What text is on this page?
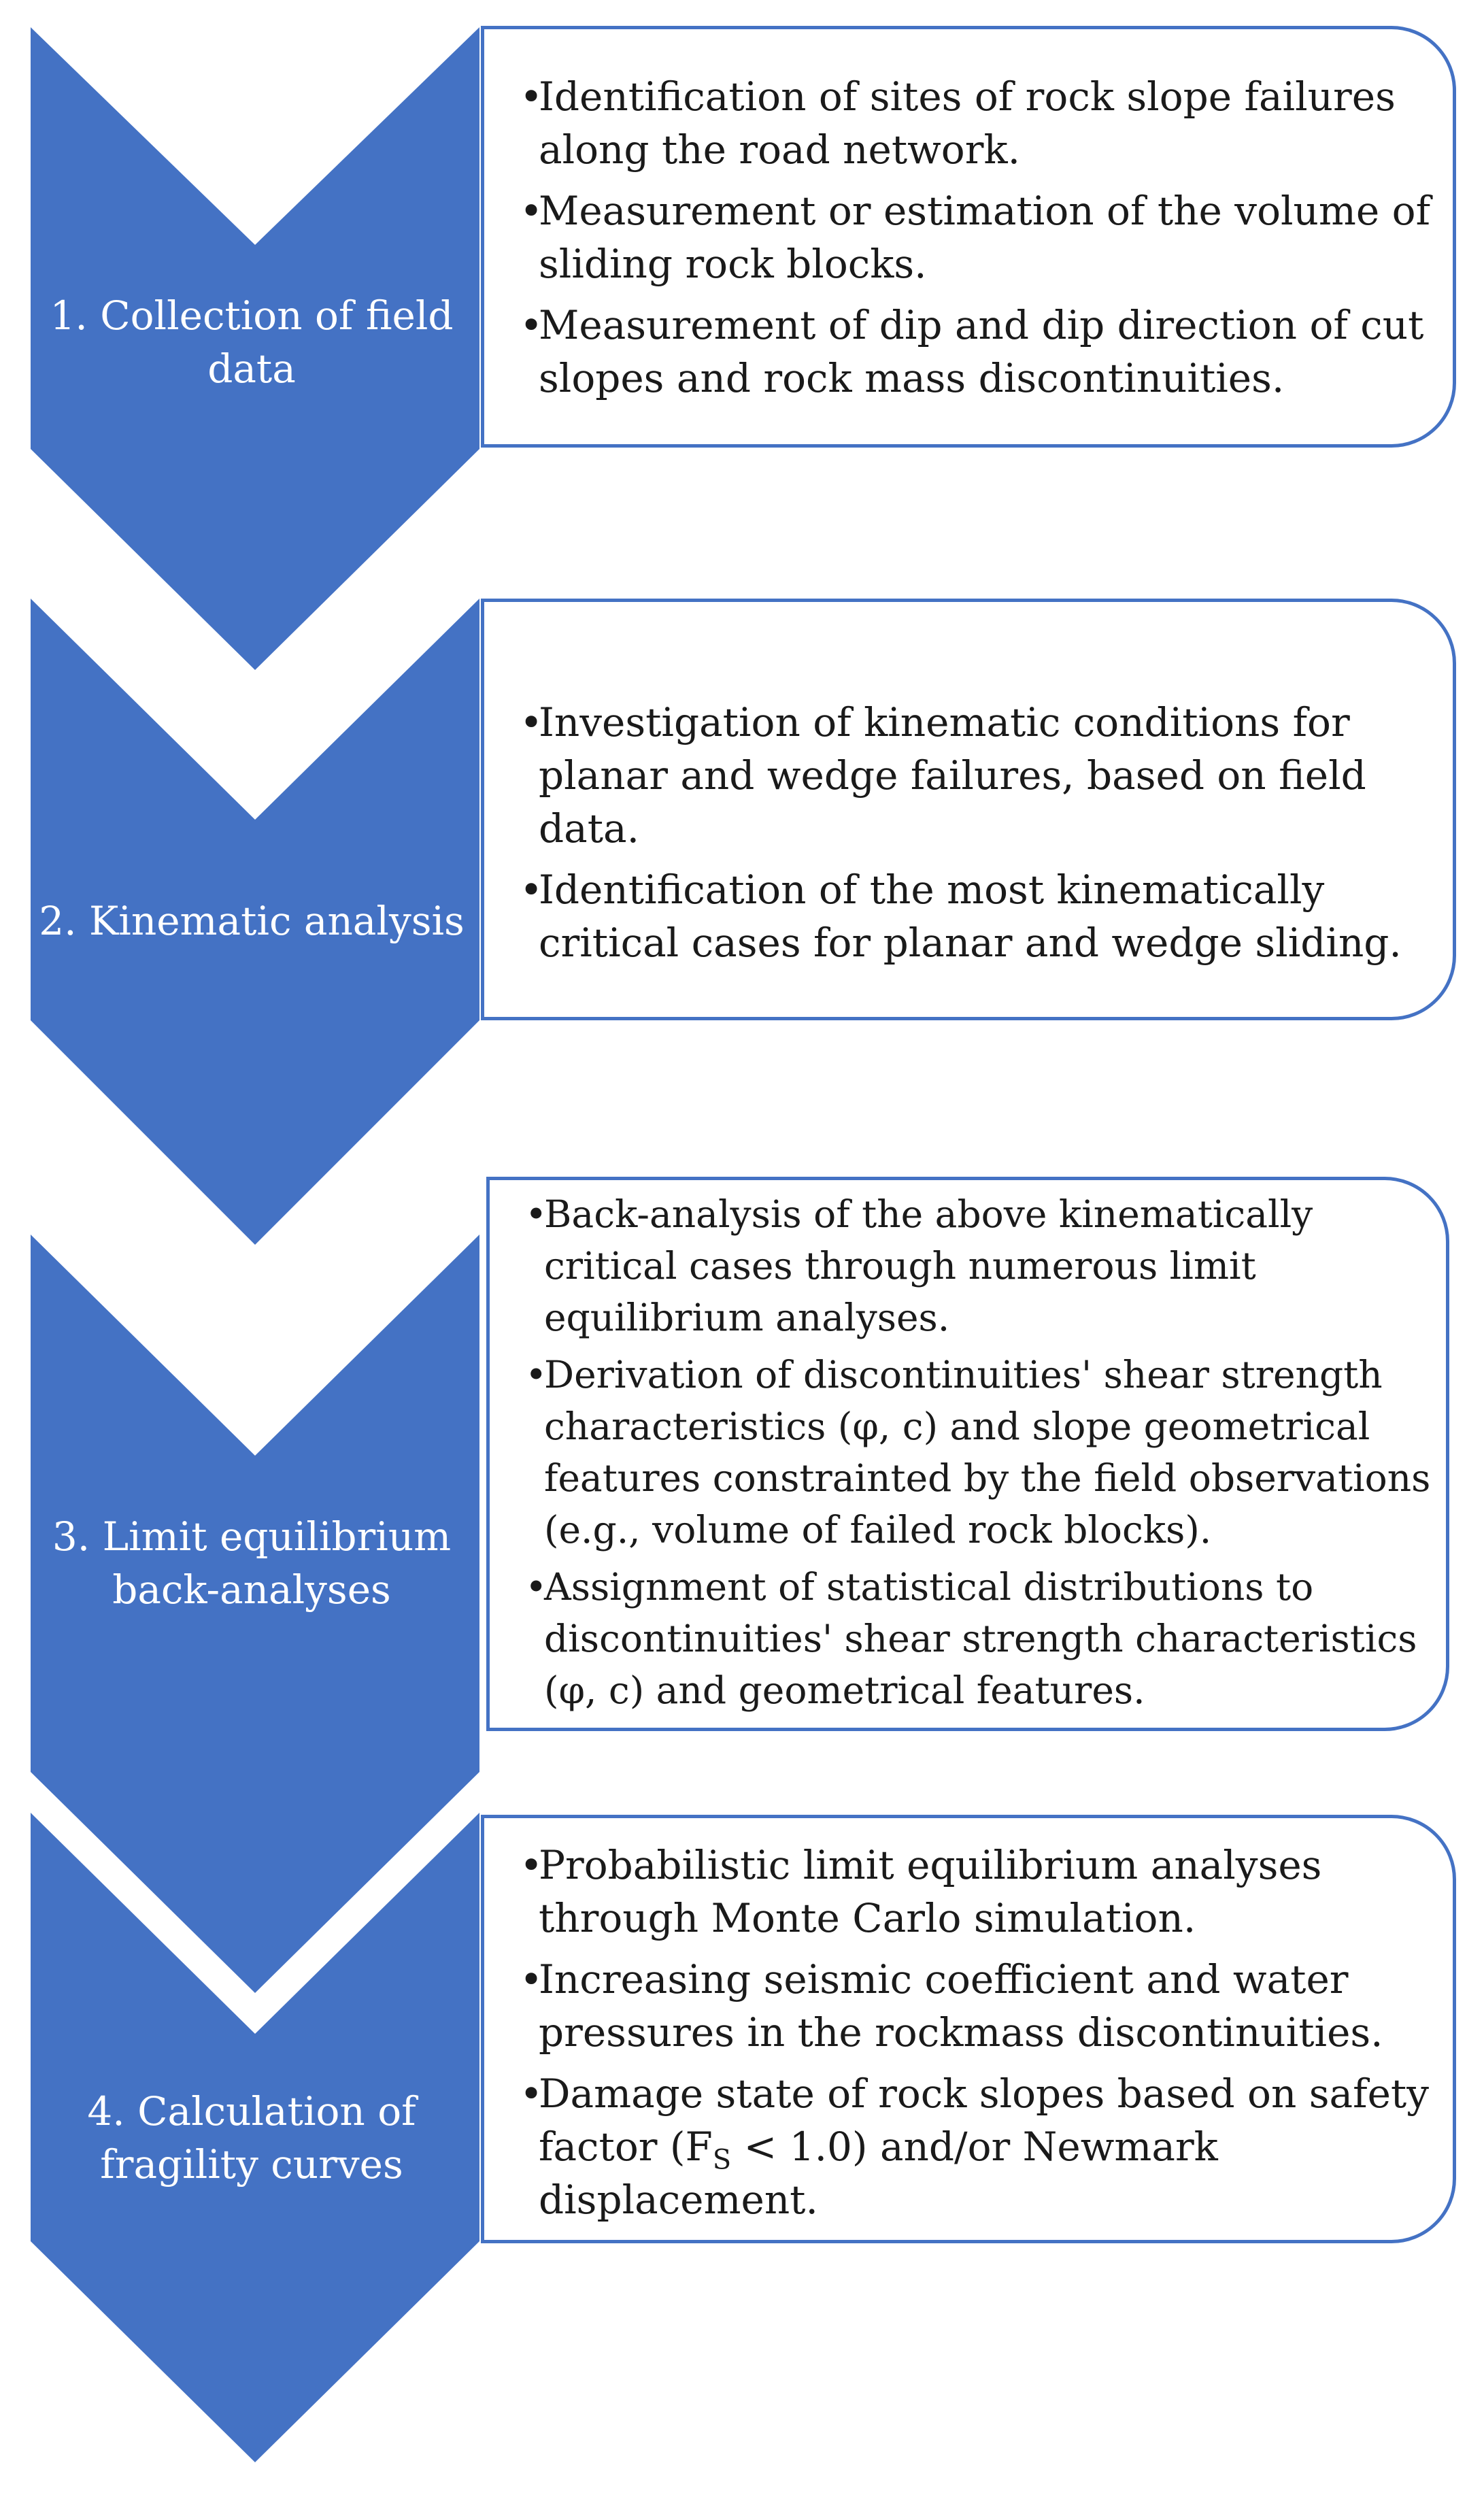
1. Collection of field
data
• Identification of sites of rock slope failures along the road network.
• Measurement or estimation of the volume of sliding rock blocks.
• Measurement of dip and dip direction of cut slopes and rock mass discontinuities.
2. Kinematic analysis
• Investigation of kinematic conditions for planar and wedge failures, based on field data.
• Identification of the most kinematically critical cases for planar and wedge sliding.
3. Limit equilibrium
back-analyses
• Back-analysis of the above kinematically critical cases through numerous limit equilibrium analyses.
• Derivation of discontinuities' shear strength characteristics (φ, c) and slope geometrical features constrainted by the field observations (e.g., volume of failed rock blocks).
• Assignment of statistical distributions to discontinuities' shear strength characteristics (φ, c) and geometrical features.
4. Calculation of
fragility curves
• Probabilistic limit equilibrium analyses through Monte Carlo simulation.
• Increasing seismic coefficient and water pressures in the rockmass discontinuities.
• Damage state of rock slopes based on safety factor $(F_S < 1.0)$ and/or Newmark displacement.
